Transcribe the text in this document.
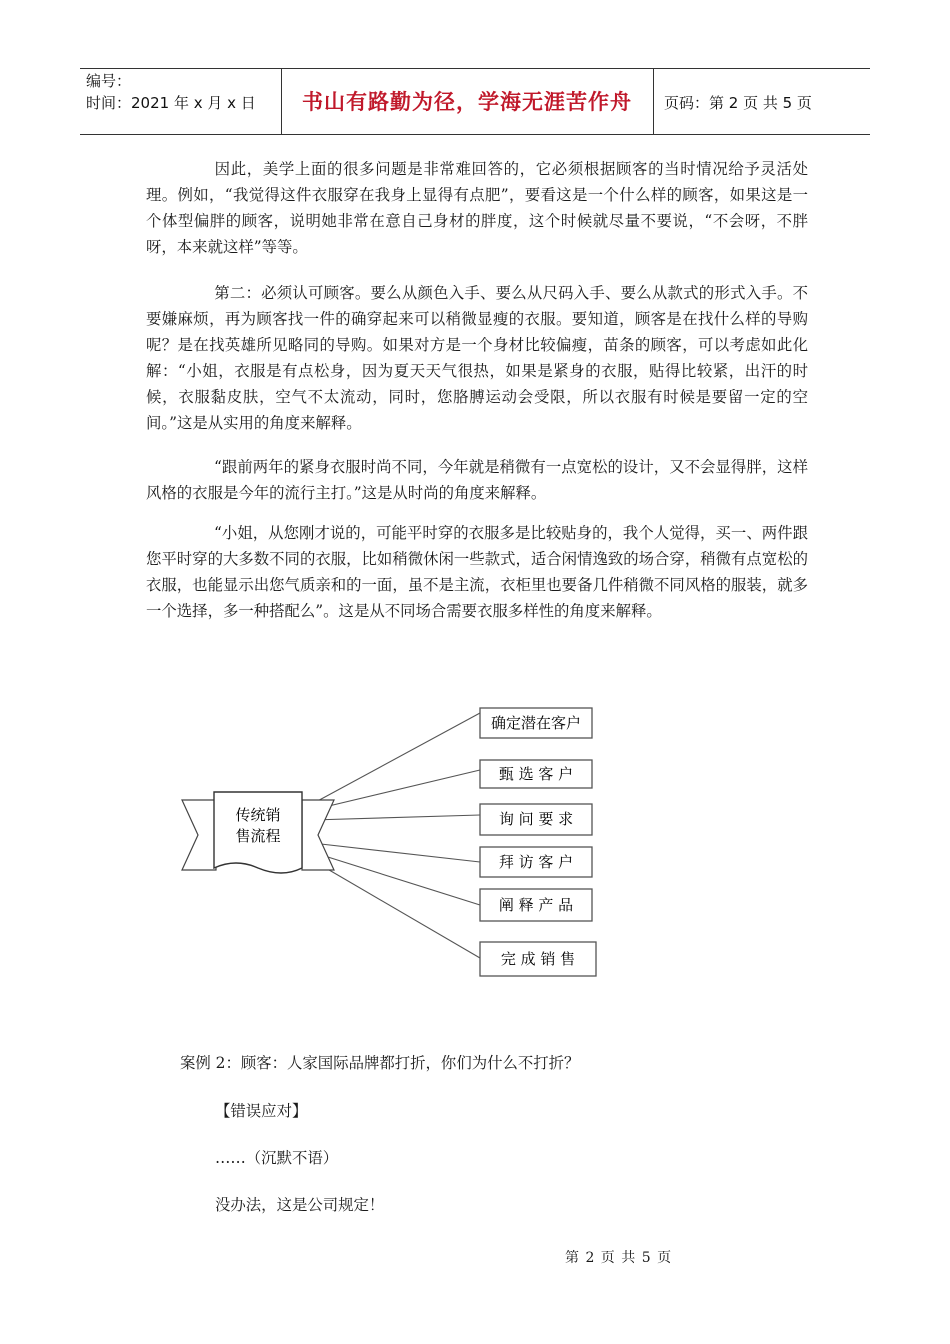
编号：
时间：2021 年 x 月 x 日	书山有路勤为径，学海无涯苦作舟	页码：第 2 页 共 5 页
因此，美学上面的很多问题是非常难回答的，它必须根据顾客的当时情况给予灵活处理。例如，“我觉得这件衣服穿在我身上显得有点肥”，要看这是一个什么样的顾客，如果这是一个体型偏胖的顾客，说明她非常在意自己身材的胖度，这个时候就尽量不要说，“不会呀，不胖呀，本来就这样”等等。
第二：必须认可顾客。要么从颜色入手、要么从尺码入手、要么从款式的形式入手。不要嫌麻烦，再为顾客找一件的确穿起来可以稍微显瘦的衣服。要知道，顾客是在找什么样的导购呢？是在找英雄所见略同的导购。如果对方是一个身材比较偏瘦，苗条的顾客，可以考虑如此化解：“小姐，衣服是有点松身，因为夏天天气很热，如果是紧身的衣服，贴得比较紧，出汗的时候，衣服黏皮肤，空气不太流动，同时，您胳膊运动会受限，所以衣服有时候是要留一定的空间。”这是从实用的角度来解释。
“跟前两年的紧身衣服时尚不同，今年就是稍微有一点宽松的设计，又不会显得胖，这样风格的衣服是今年的流行主打。”这是从时尚的角度来解释。
“小姐，从您刚才说的，可能平时穿的衣服多是比较贴身的，我个人觉得，买一、两件跟您平时穿的大多数不同的衣服，比如稍微休闲一些款式，适合闲情逸致的场合穿，稍微有点宽松的衣服，也能显示出您气质亲和的一面，虽不是主流，衣柜里也要备几件稍微不同风格的服装，就多一个选择，多一种搭配么”。这是从不同场合需要衣服多样性的角度来解释。
传统销
售流程
确定潜在客户
甄 选 客 户
询 问 要 求
拜 访 客 户
阐 释 产 品
完 成 销 售
案例 2：顾客：人家国际品牌都打折，你们为什么不打折？
【错误应对】
……（沉默不语）
没办法，这是公司规定！
第 2 页 共 5 页
